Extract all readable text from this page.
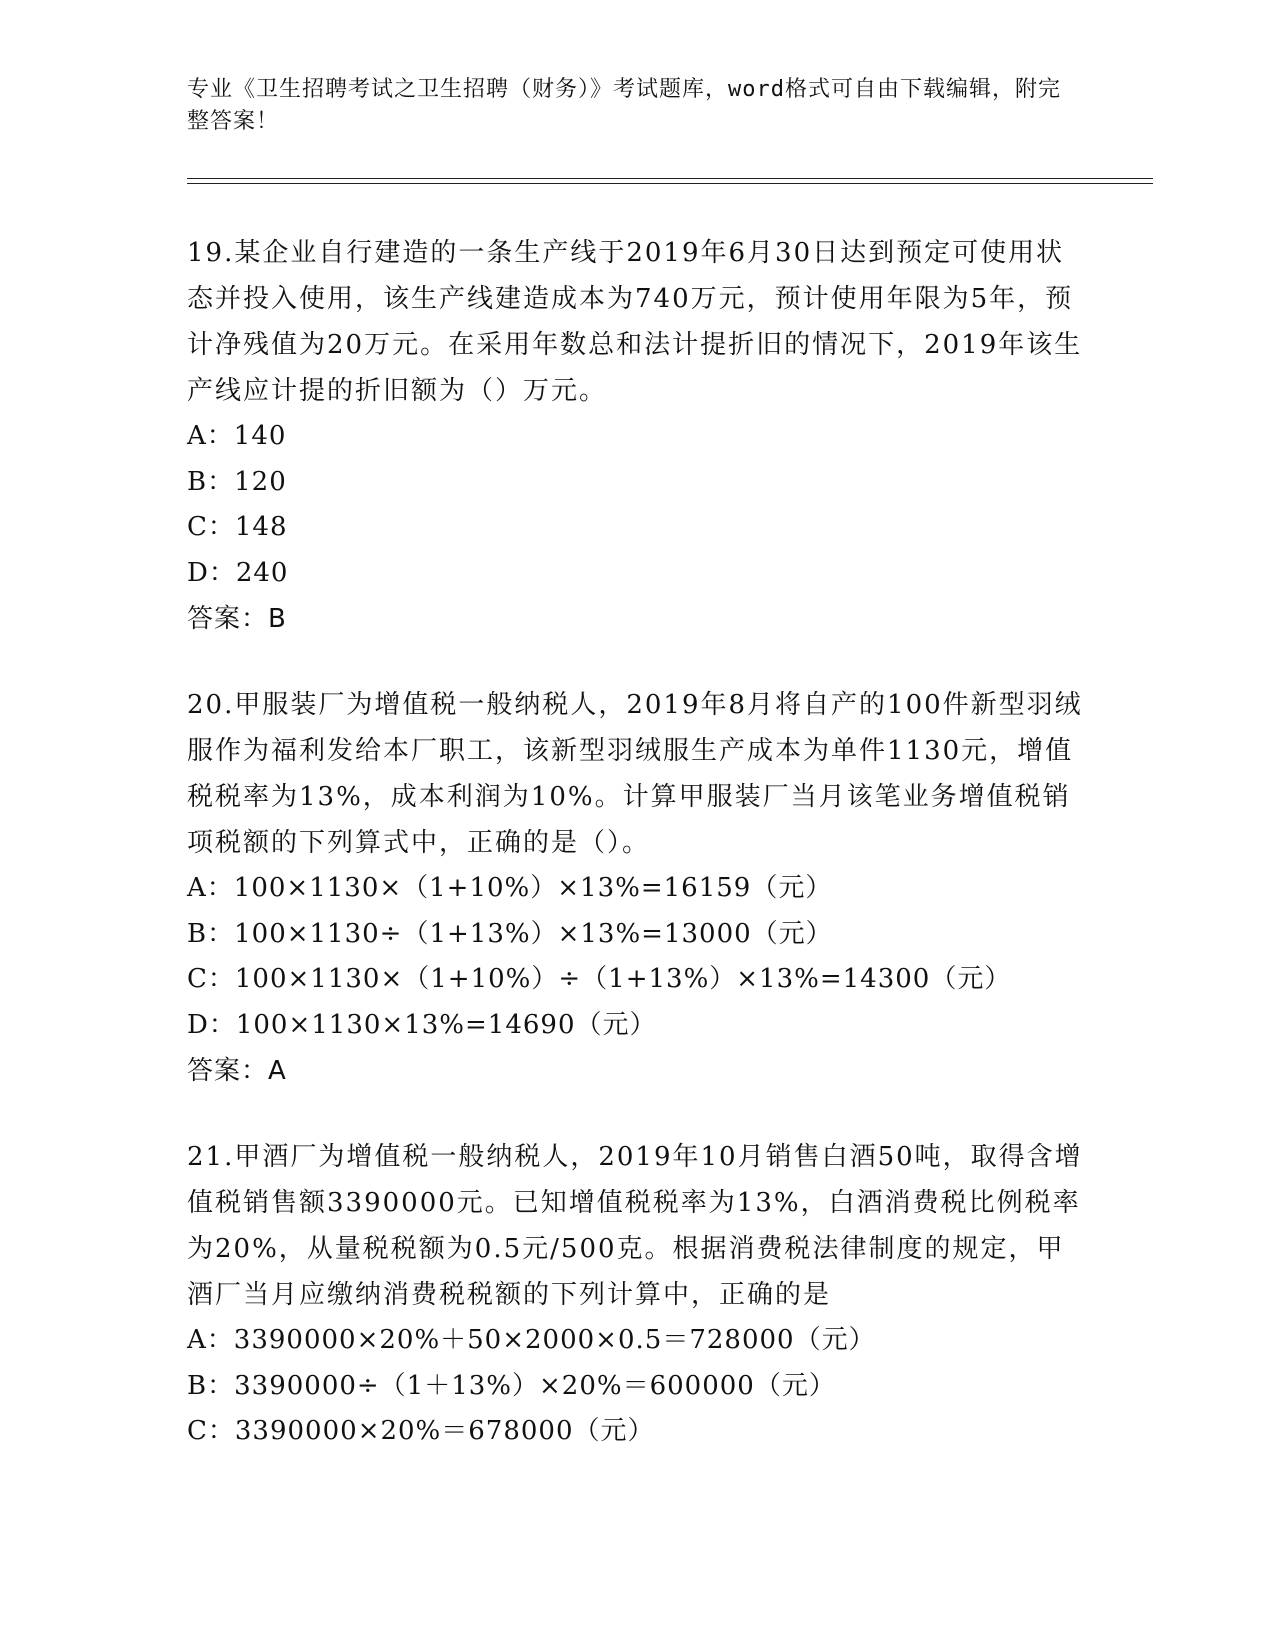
专业《卫生招聘考试之卫生招聘（财务）》考试题库，word格式可自由下载编辑，附完整答案！

19.某企业自行建造的一条生产线于2019年6月30日达到预定可使用状态并投入使用，该生产线建造成本为740万元，预计使用年限为5年，预计净残值为20万元。在采用年数总和法计提折旧的情况下，2019年该生产线应计提的折旧额为（）万元。

A：140

B：120

C：148

D：240

答案：B

20.甲服装厂为增值税一般纳税人，2019年8月将自产的100件新型羽绒服作为福利发给本厂职工，该新型羽绒服生产成本为单件1130元，增值税税率为13%，成本利润为10%。计算甲服装厂当月该笔业务增值税销项税额的下列算式中，正确的是（）。

A：100×1130×（1+10%）×13%=16159（元）

B：100×1130÷（1+13%）×13%=13000（元）

C：100×1130×（1+10%）÷（1+13%）×13%=14300（元）

D：100×1130×13%=14690（元）

答案：A

21.甲酒厂为增值税一般纳税人，2019年10月销售白酒50吨，取得含增值税销售额3390000元。已知增值税税率为13%，白酒消费税比例税率为20%，从量税税额为0.5元/500克。根据消费税法律制度的规定，甲酒厂当月应缴纳消费税税额的下列计算中，正确的是

A：3390000×20%＋50×2000×0.5＝728000（元）

B：3390000÷（1＋13%）×20%＝600000（元）

C：3390000×20%＝678000（元）
